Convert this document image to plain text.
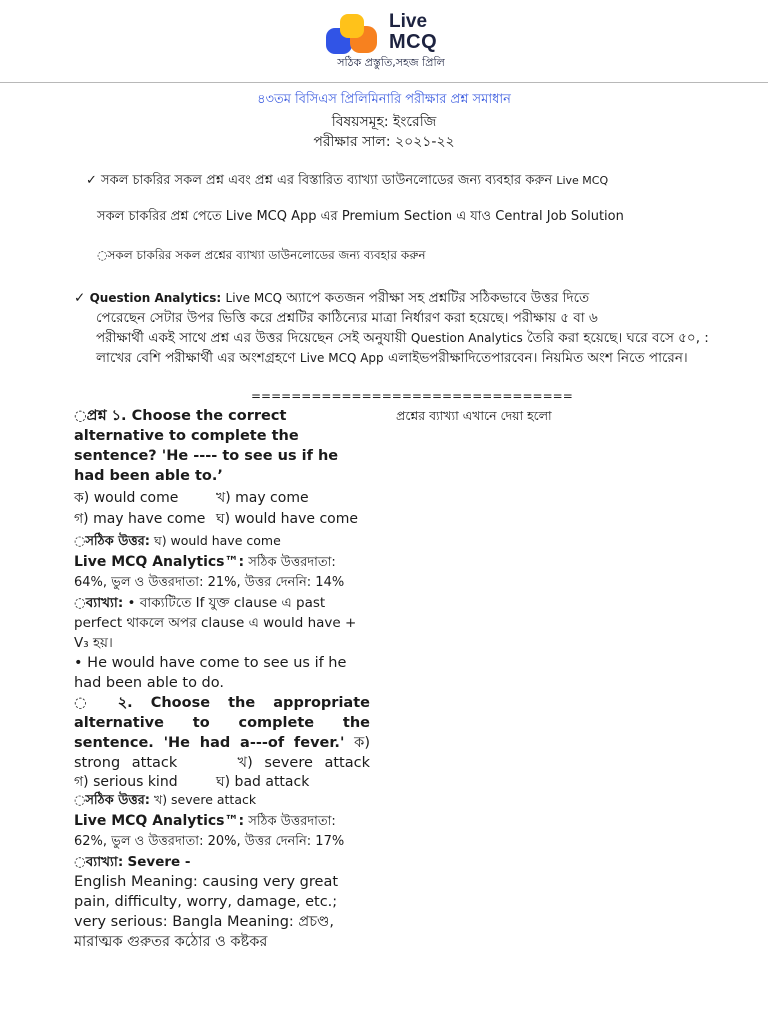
Live
MCQ
সঠিক প্রস্তুতি,সহজ প্রিলি
৪৩তম বিসিএস প্রিলিমিনারি পরীক্ষার প্রশ্ন সমাধান
বিষয়সমূহ: ইংরেজি
পরীক্ষার সাল: ২০২১-২২
✓ সকল চাকরির সকল প্রশ্ন এবং প্রশ্ন এর বিস্তারিত ব্যাখ্যা ডাউনলোডের জন্য ব্যবহার করুন Live MCQ
সকল চাকরির প্রশ্ন পেতে Live MCQ App এর Premium Section এ যাও Central Job Solution
◌সকল চাকরির সকল প্রশ্নের ব্যাখ্যা ডাউনলোডের জন্য ব্যবহার করুন
✓ Question Analytics: Live MCQ অ্যাপে কতজন পরীক্ষা সহ প্রশ্নটির সঠিকভাবে উত্তর দিতে
পেরেছেন সেটার উপর ভিত্তি করে প্রশ্নটির কাঠিন্যের মাত্রা নির্ধারণ করা হয়েছে। পরীক্ষায় ৫ বা ৬
পরীক্ষার্থী একই সাথে প্রশ্ন এর উত্তর দিয়েছেন সেই অনুযায়ী Question Analytics তৈরি করা হয়েছে। ঘরে বসে ৫০, : লাখের বেশি পরীক্ষার্থী এর অংশগ্রহণে Live MCQ App এলাইভপরীক্ষাদিতেপারবেন। নিয়মিত অংশ নিতে পারেন।
================================
প্রশ্নের ব্যাখ্যা এখানে দেয়া হলো
◌প্রশ্ন ১. Choose the correct alternative to complete the sentence? 'He ---- to see us if he had been able to.’
ক) would come	খ) may come
গ) may have come ঘ) would have come
◌সঠিক উত্তর: ঘ) would have come
Live MCQ Analytics™: সঠিক উত্তরদাতা: 64%, ভুল ও উত্তরদাতা: 21%, উত্তর দেননি: 14%
◌ব্যাখ্যা: • বাক্যটিতে If যুক্ত clause এ past perfect থাকলে অপর clause এ would have + V₃ হয়।
• He would have come to see us if he had been able to do.
◌ ২. Choose the appropriate alternative to complete the sentence. 'He had a---of fever.' ক) strong attack	খ) severe attack
গ) serious kind	ঘ) bad attack
◌সঠিক উত্তর: খ) severe attack
Live MCQ Analytics™: সঠিক উত্তরদাতা: 62%, ভুল ও উত্তরদাতা: 20%, উত্তর দেননি: 17%
◌ব্যাখ্যা: Severe -
English Meaning: causing very great pain, difficulty, worry, damage, etc.; very serious: Bangla Meaning: প্রচণ্ড, মারাত্মক গুরুতর কঠোর ও কষ্টকর
